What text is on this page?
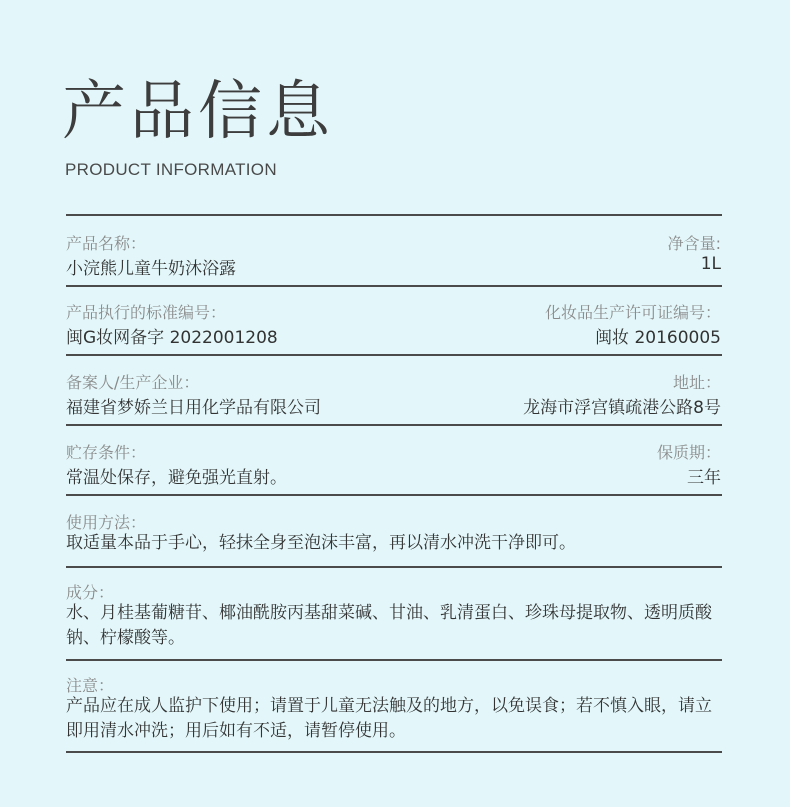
产品信息
PRODUCT INFORMATION
产品名称：
小浣熊儿童牛奶沐浴露
净含量:
1L
产品执行的标准编号：
闽G妆网备字 2022001208
化妆品生产许可证编号：
闽妆 20160005
备案人/生产企业：
福建省梦娇兰日用化学品有限公司
地址：
龙海市浮宫镇疏港公路8号
贮存条件：
常温处保存，避免强光直射。
保质期：
三年
使用方法：
取适量本品于手心，轻抹全身至泡沫丰富，再以清水冲洗干净即可。
成分：
水、月桂基葡糖苷、椰油酰胺丙基甜菜碱、甘油、乳清蛋白、珍珠母提取物、透明质酸钠、柠檬酸等。
注意：
产品应在成人监护下使用；请置于儿童无法触及的地方，以免误食；若不慎入眼，请立即用清水冲洗；用后如有不适，请暂停使用。
